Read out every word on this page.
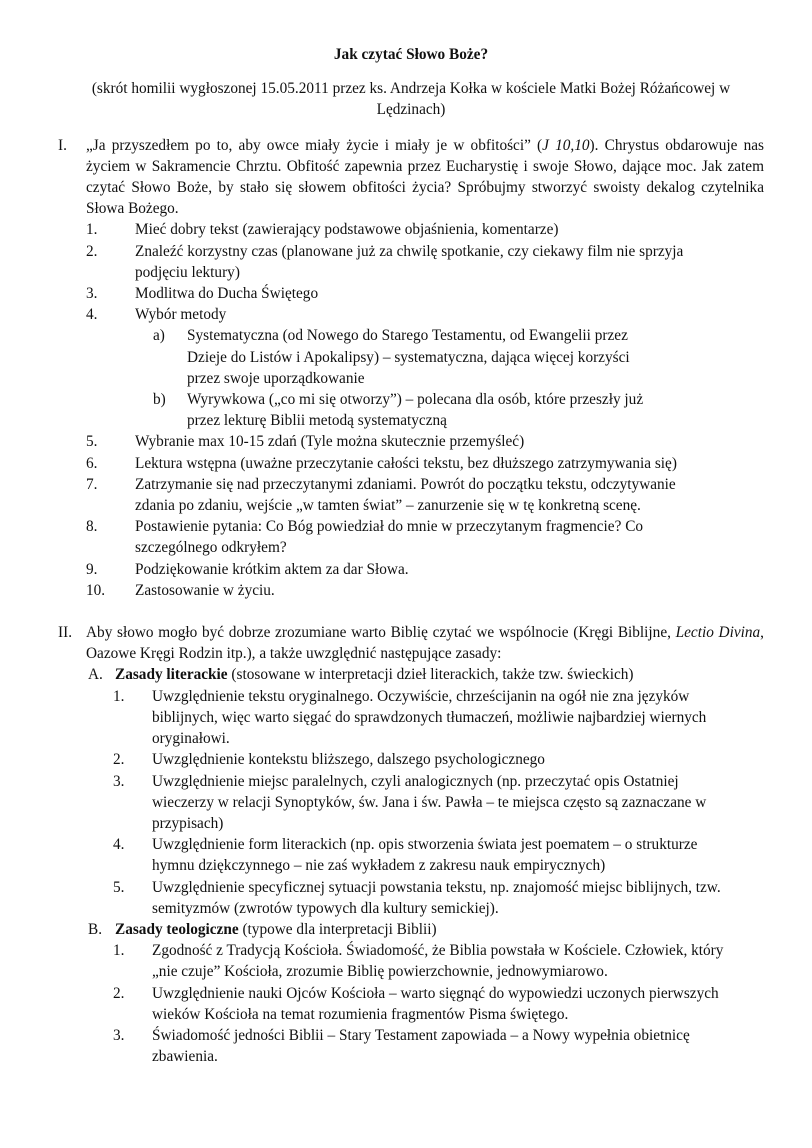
Jak czytać Słowo Boże?
(skrót homilii wygłoszonej 15.05.2011 przez ks. Andrzeja Kołka w kościele Matki Bożej Różańcowej w Lędzinach)
I.	„Ja przyszedłem po to, aby owce miały życie i miały je w obfitości” (J 10,10). Chrystus obdarowuje nas życiem w Sakramencie Chrztu. Obfitość zapewnia przez Eucharystię i swoje Słowo, dające moc. Jak zatem czytać Słowo Boże, by stało się słowem obfitości życia? Spróbujmy stworzyć swoisty dekalog czytelnika Słowa Bożego.
1.	Mieć dobry tekst (zawierający podstawowe objaśnienia, komentarze)
2.	Znaleźć korzystny czas (planowane już za chwilę spotkanie, czy ciekawy film nie sprzyja podjęciu lektury)
3.	Modlitwa do Ducha Świętego
4.	Wybór metody
a)	Systematyczna (od Nowego do Starego Testamentu, od Ewangelii przez Dzieje do Listów i Apokalipsy) – systematyczna, dająca więcej korzyści przez swoje uporządkowanie
b)	Wyrywkowa („co mi się otworzy”) – polecana dla osób, które przeszły już przez lekturę Biblii metodą systematyczną
5.	Wybranie max 10-15 zdań (Tyle można skutecznie przemyśleć)
6.	Lektura wstępna (uważne przeczytanie całości tekstu, bez dłuższego zatrzymywania się)
7.	Zatrzymanie się nad przeczytanymi zdaniami. Powrót do początku tekstu, odczytywanie zdania po zdaniu, wejście „w tamten świat” – zanurzenie się w tę konkretną scenę.
8.	Postawienie pytania: Co Bóg powiedział do mnie w przeczytanym fragmencie? Co szczególnego odkryłem?
9.	Podziękowanie krótkim aktem za dar Słowa.
10.	Zastosowanie w życiu.
II. Aby słowo mogło być dobrze zrozumiane warto Biblię czytać we wspólnocie (Kręgi Biblijne, Lectio Divina, Oazowe Kręgi Rodzin itp.), a także uwzględnić następujące zasady:
A. Zasady literackie (stosowane w interpretacji dzieł literackich, także tzw. świeckich)
1.	Uwzględnienie tekstu oryginalnego. Oczywiście, chrześcijanin na ogół nie zna języków biblijnych, więc warto sięgać do sprawdzonych tłumaczeń, możliwie najbardziej wiernych oryginałowi.
2.	Uwzględnienie kontekstu bliższego, dalszego psychologicznego
3.	Uwzględnienie miejsc paralelnych, czyli analogicznych (np. przeczytać opis Ostatniej wieczerzy w relacji Synoptyków, św. Jana i św. Pawła – te miejsca często są zaznaczane w przypisach)
4.	Uwzględnienie form literackich (np. opis stworzenia świata jest poematem – o strukturze hymnu dziękczynnego – nie zaś wykładem z zakresu nauk empirycznych)
5.	Uwzględnienie specyficznej sytuacji powstania tekstu, np. znajomość miejsc biblijnych, tzw. semityzmów (zwrotów typowych dla kultury semickiej).
B. Zasady teologiczne (typowe dla interpretacji Biblii)
1.	Zgodność z Tradycją Kościoła. Świadomość, że Biblia powstała w Kościele. Człowiek, który „nie czuje” Kościoła, zrozumie Biblię powierzchownie, jednowymiarowo.
2.	Uwzględnienie nauki Ojców Kościoła – warto sięgnąć do wypowiedzi uczonych pierwszych wieków Kościoła na temat rozumienia fragmentów Pisma świętego.
3.	Świadomość jedności Biblii – Stary Testament zapowiada – a Nowy wypełnia obietnicę zbawienia.
